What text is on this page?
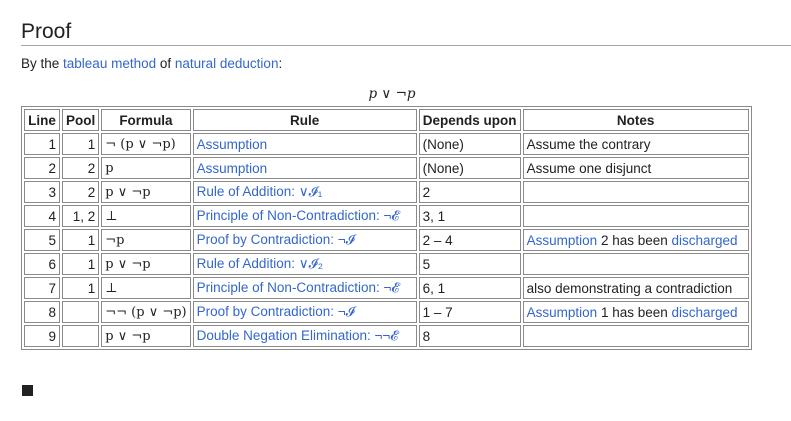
Proof
By the tableau method of natural deduction:
p ∨ ¬p
Line	Pool	Formula	Rule	Depends upon	Notes
1	1	¬ (p ∨ ¬p)	Assumption	(None)	Assume the contrary
2	2	p	Assumption	(None)	Assume one disjunct
3	2	p ∨ ¬p	Rule of Addition: ∨𝓘₁	2	
4	1, 2	⊥	Principle of Non-Contradiction: ¬𝓔	3, 1	
5	1	¬p	Proof by Contradiction: ¬𝓘	2 – 4	Assumption 2 has been discharged
6	1	p ∨ ¬p	Rule of Addition: ∨𝓘₂	5	
7	1	⊥	Principle of Non-Contradiction: ¬𝓔	6, 1	also demonstrating a contradiction
8		¬¬ (p ∨ ¬p)	Proof by Contradiction: ¬𝓘	1 – 7	Assumption 1 has been discharged
9		p ∨ ¬p	Double Negation Elimination: ¬¬𝓔	8	
